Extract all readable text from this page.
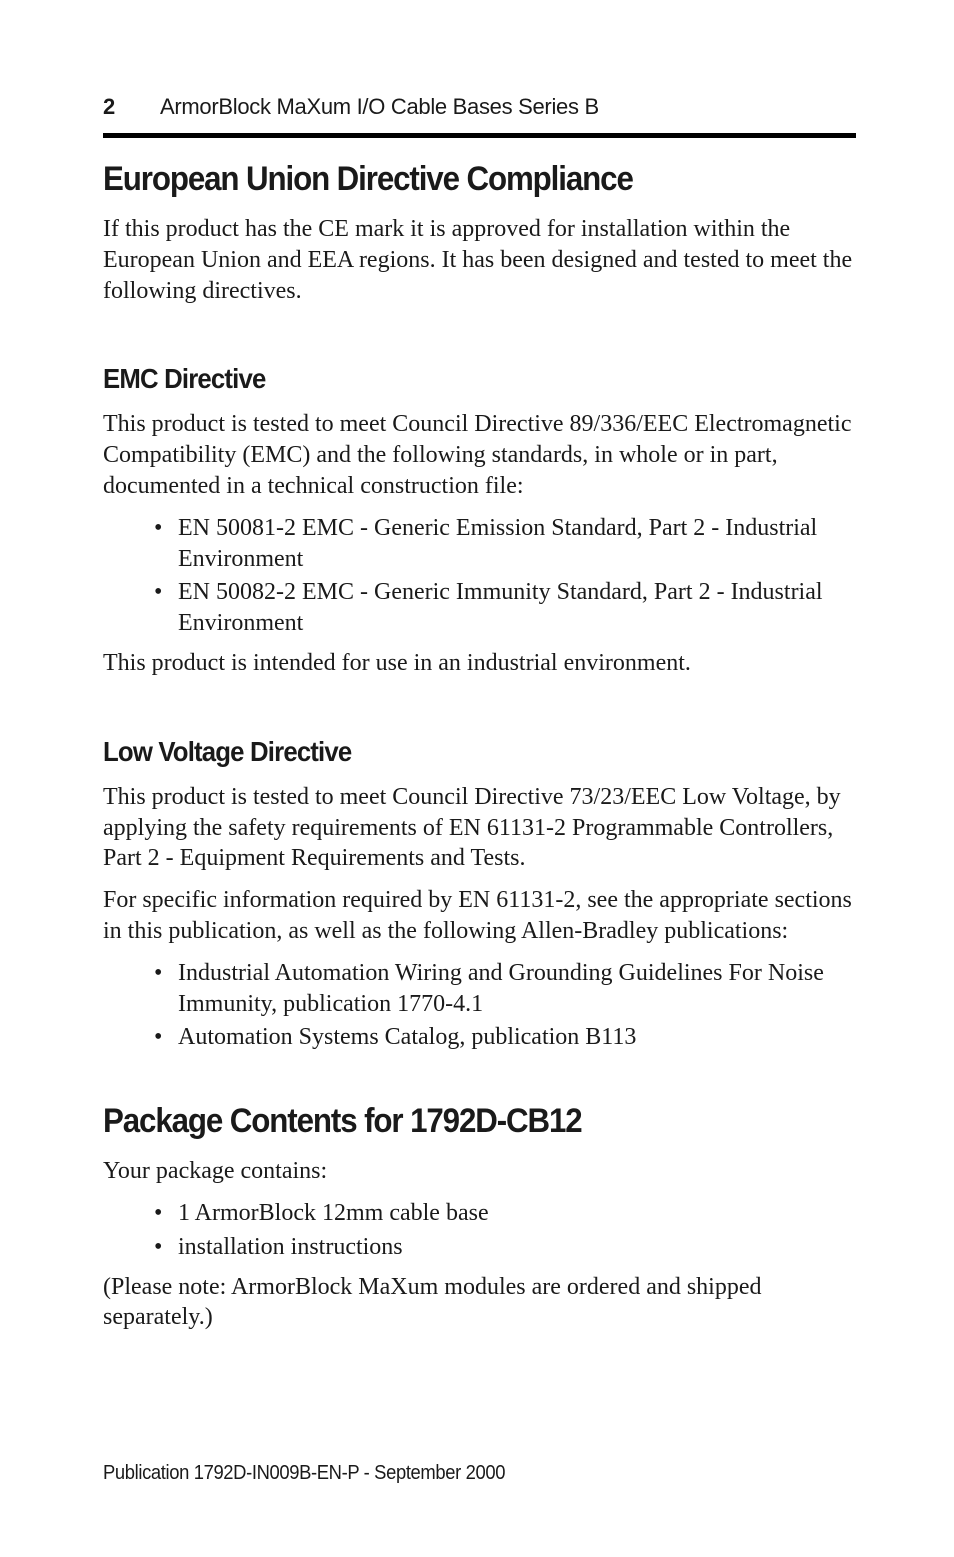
2 ArmorBlock MaXum I/O Cable Bases Series B
European Union Directive Compliance

If this product has the CE mark it is approved for installation within the European Union and EEA regions. It has been designed and tested to meet the following directives.

EMC Directive

This product is tested to meet Council Directive 89/336/EEC Electromagnetic Compatibility (EMC) and the following standards, in whole or in part, documented in a technical construction file:

• EN 50081-2 EMC - Generic Emission Standard, Part 2 - Industrial Environment
• EN 50082-2 EMC - Generic Immunity Standard, Part 2 - Industrial Environment

This product is intended for use in an industrial environment.

Low Voltage Directive

This product is tested to meet Council Directive 73/23/EEC Low Voltage, by applying the safety requirements of EN 61131-2 Programmable Controllers, Part 2 - Equipment Requirements and Tests.

For specific information required by EN 61131-2, see the appropriate sections in this publication, as well as the following Allen-Bradley publications:

• Industrial Automation Wiring and Grounding Guidelines For Noise Immunity, publication 1770-4.1
• Automation Systems Catalog, publication B113
Package Contents for 1792D-CB12

Your package contains:

• 1 ArmorBlock 12mm cable base
• installation instructions

(Please note: ArmorBlock MaXum modules are ordered and shipped separately.)

Publication 1792D-IN009B-EN-P - September 2000
